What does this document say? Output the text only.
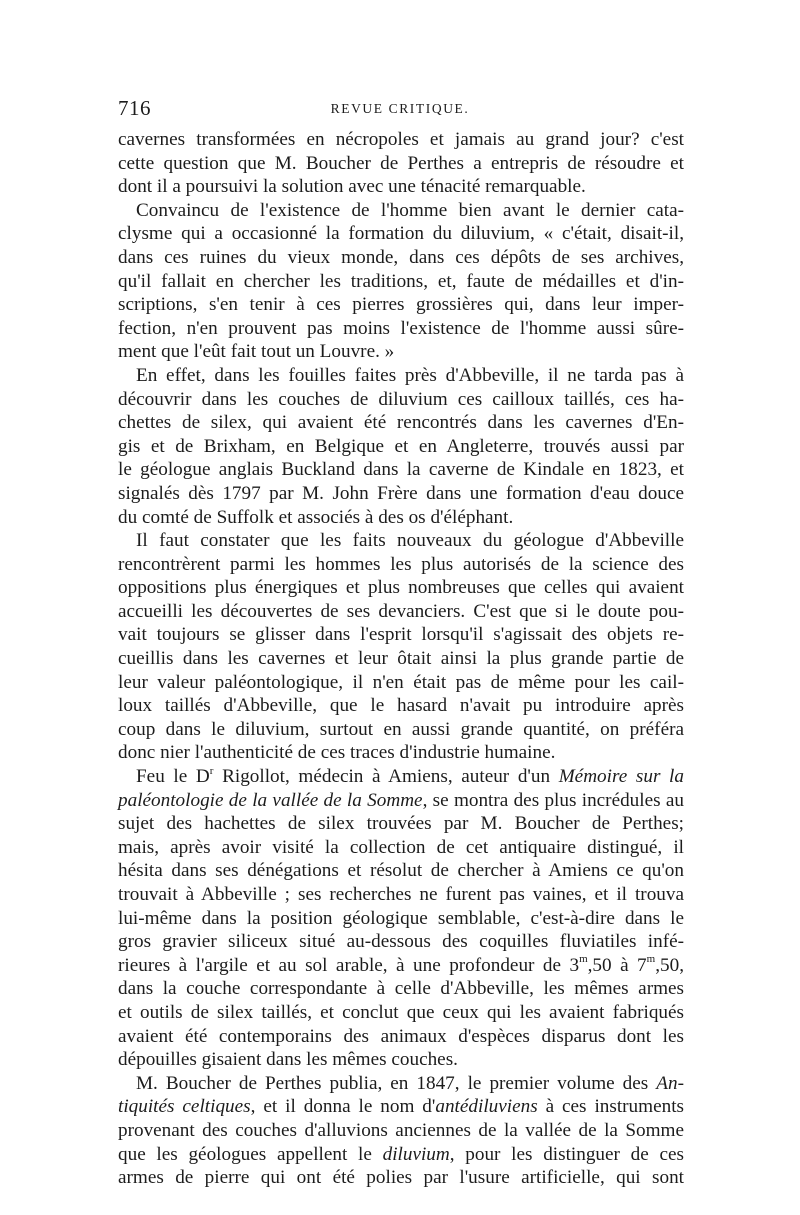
716	REVUE CRITIQUE.

cavernes transformées en nécropoles et jamais au grand jour? c'est
cette question que M. Boucher de Perthes a entrepris de résoudre et
dont il a poursuivi la solution avec une ténacité remarquable.

Convaincu de l'existence de l'homme bien avant le dernier cata-
clysme qui a occasionné la formation du diluvium, « c'était, disait-il,
dans ces ruines du vieux monde, dans ces dépôts de ses archives,
qu'il fallait en chercher les traditions, et, faute de médailles et d'in-
scriptions, s'en tenir à ces pierres grossières qui, dans leur imper-
fection, n'en prouvent pas moins l'existence de l'homme aussi sûre-
ment que l'eût fait tout un Louvre. »

En effet, dans les fouilles faites près d'Abbeville, il ne tarda pas à
découvrir dans les couches de diluvium ces cailloux taillés, ces ha-
chettes de silex, qui avaient été rencontrés dans les cavernes d'En-
gis et de Brixham, en Belgique et en Angleterre, trouvés aussi par
le géologue anglais Buckland dans la caverne de Kindale en 1823, et
signalés dès 1797 par M. John Frère dans une formation d'eau douce
du comté de Suffolk et associés à des os d'éléphant.

Il faut constater que les faits nouveaux du géologue d'Abbeville
rencontrèrent parmi les hommes les plus autorisés de la science des
oppositions plus énergiques et plus nombreuses que celles qui avaient
accueilli les découvertes de ses devanciers. C'est que si le doute pou-
vait toujours se glisser dans l'esprit lorsqu'il s'agissait des objets re-
cueillis dans les cavernes et leur ôtait ainsi la plus grande partie de
leur valeur paléontologique, il n'en était pas de même pour les cail-
loux taillés d'Abbeville, que le hasard n'avait pu introduire après
coup dans le diluvium, surtout en aussi grande quantité, on préféra
donc nier l'authenticité de ces traces d'industrie humaine.

Feu le $D^r$ Rigollot, médecin à Amiens, auteur d'un Mémoire sur la
paléontologie de la vallée de la Somme, se montra des plus incrédules au
sujet des hachettes de silex trouvées par M. Boucher de Perthes;
mais, après avoir visité la collection de cet antiquaire distingué, il
hésita dans ses dénégations et résolut de chercher à Amiens ce qu'on
trouvait à Abbeville ; ses recherches ne furent pas vaines, et il trouva
lui-même dans la position géologique semblable, c'est-à-dire dans le
gros gravier siliceux situé au-dessous des coquilles fluviatiles infé-
rieures à l'argile et au sol arable, à une profondeur de 3$^m$,50 à 7$^m$,50,
dans la couche correspondante à celle d'Abbeville, les mêmes armes
et outils de silex taillés, et conclut que ceux qui les avaient fabriqués
avaient été contemporains des animaux d'espèces disparus dont les
dépouilles gisaient dans les mêmes couches.

M. Boucher de Perthes publia, en 1847, le premier volume des An-
tiquités celtiques, et il donna le nom d'antédiluviens à ces instruments
provenant des couches d'alluvions anciennes de la vallée de la Somme
que les géologues appellent le diluvium, pour les distinguer de ces
armes de pierre qui ont été polies par l'usure artificielle, qui sont
